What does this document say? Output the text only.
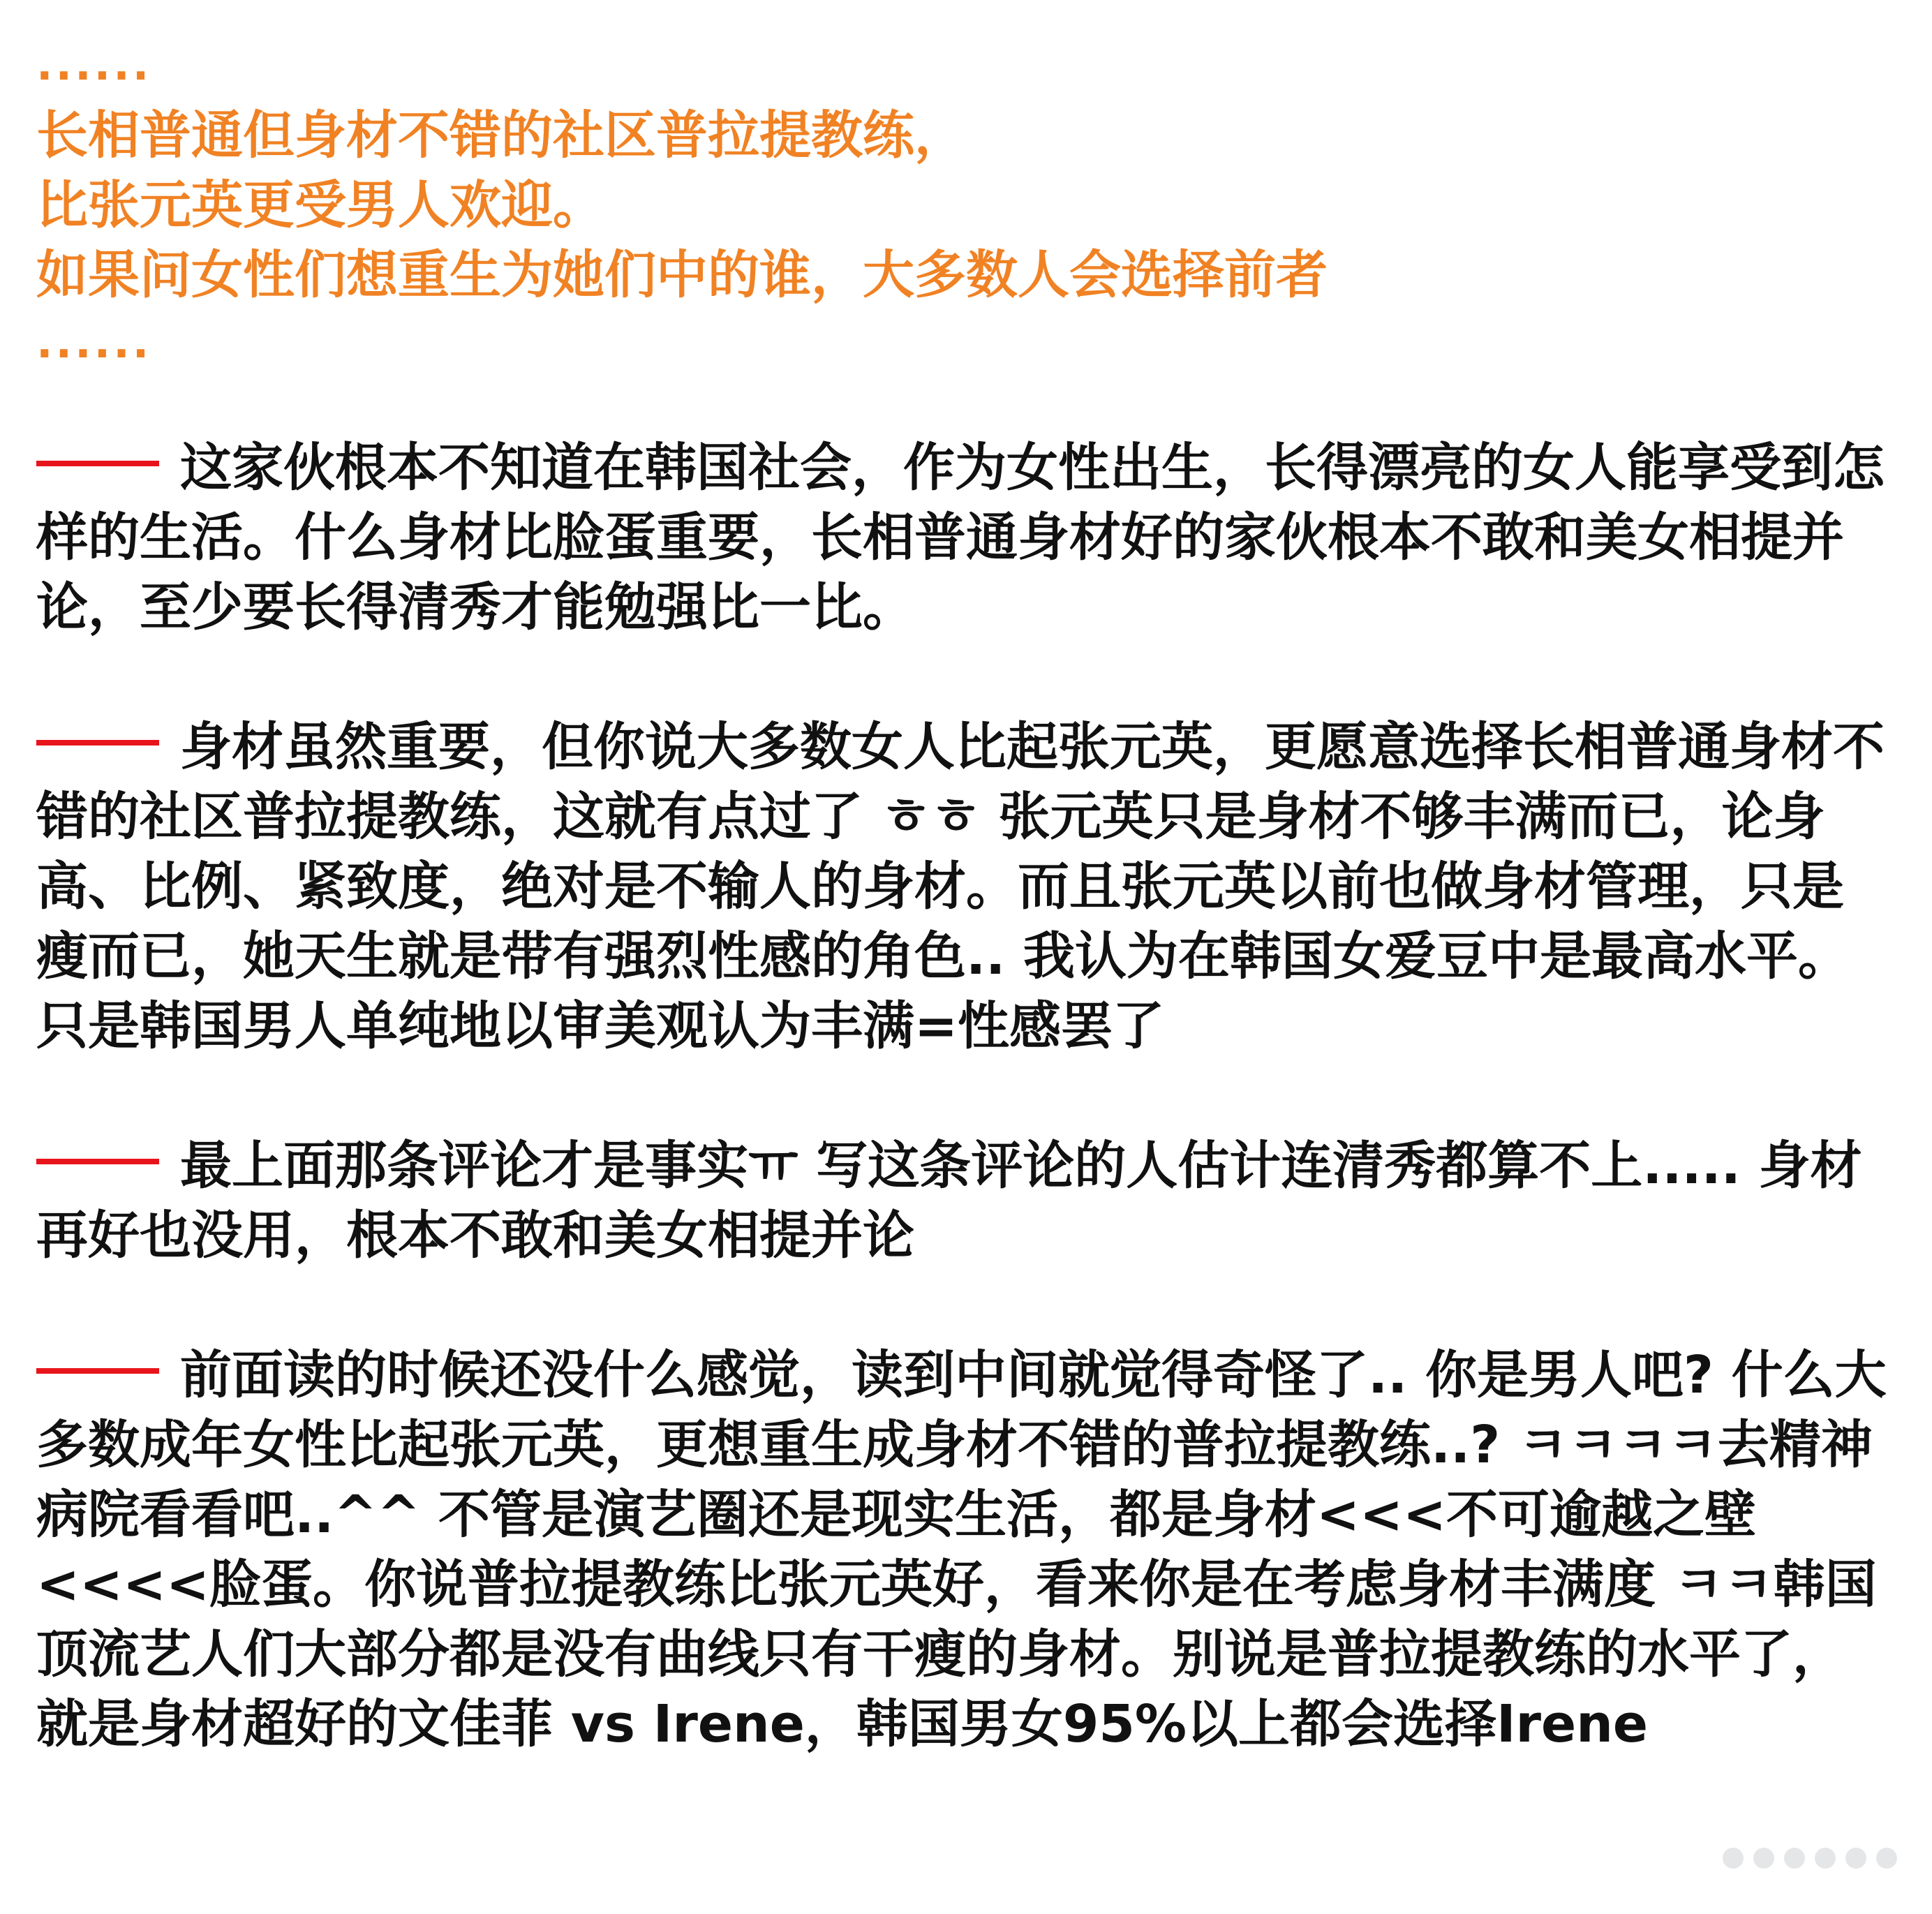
......
长相普通但身材不错的社区普拉提教练，
比张元英更受男人欢迎。
如果问女性们想重生为她们中的谁，大多数人会选择前者
......
这家伙根本不知道在韩国社会，作为女性出生，长得漂亮的女人能享受到怎样的生活。什么身材比脸蛋重要，长相普通身材好的家伙根本不敢和美女相提并论，至少要长得清秀才能勉强比一比。
身材虽然重要，但你说大多数女人比起张元英，更愿意选择长相普通身材不错的社区普拉提教练，这就有点过了 ㅎㅎ 张元英只是身材不够丰满而已，论身高、比例、紧致度，绝对是不输人的身材。而且张元英以前也做身材管理，只是瘦而已，她天生就是带有强烈性感的角色.. 我认为在韩国女爱豆中是最高水平。只是韩国男人单纯地以审美观认为丰满=性感罢了
最上面那条评论才是事实ㅠ 写这条评论的人估计连清秀都算不上..... 身材再好也没用，根本不敢和美女相提并论
前面读的时候还没什么感觉，读到中间就觉得奇怪了.. 你是男人吧? 什么大多数成年女性比起张元英，更想重生成身材不错的普拉提教练..? ㅋㅋㅋㅋ去精神病院看看吧..^^ 不管是演艺圈还是现实生活，都是身材<<<不可逾越之壁<<<<脸蛋。你说普拉提教练比张元英好，看来你是在考虑身材丰满度 ㅋㅋ韩国顶流艺人们大部分都是没有曲线只有干瘦的身材。别说是普拉提教练的水平了，就是身材超好的文佳菲 vs Irene，韩国男女95%以上都会选择Irene
